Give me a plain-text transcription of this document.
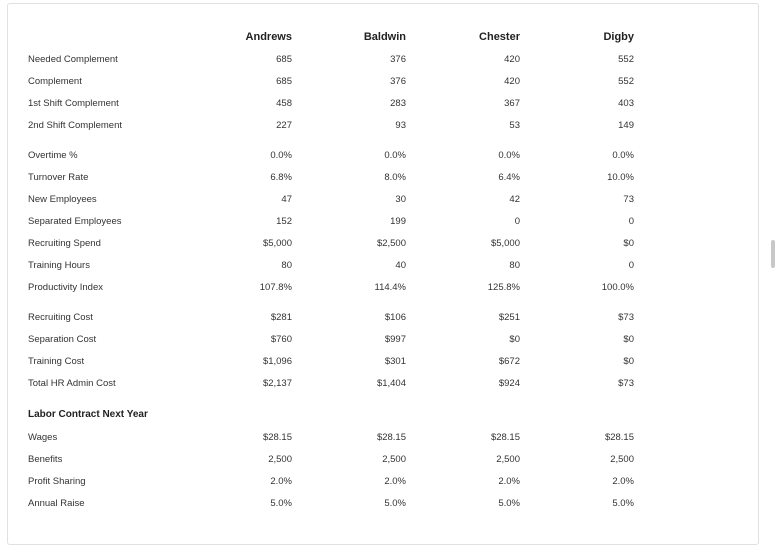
	Andrews	Baldwin	Chester	Digby
Needed Complement	685	376	420	552
Complement	685	376	420	552
1st Shift Complement	458	283	367	403
2nd Shift Complement	227	93	53	149

Overtime %	0.0%	0.0%	0.0%	0.0%
Turnover Rate	6.8%	8.0%	6.4%	10.0%
New Employees	47	30	42	73
Separated Employees	152	199	0	0
Recruiting Spend	$5,000	$2,500	$5,000	$0
Training Hours	80	40	80	0
Productivity Index	107.8%	114.4%	125.8%	100.0%

Recruiting Cost	$281	$106	$251	$73
Separation Cost	$760	$997	$0	$0
Training Cost	$1,096	$301	$672	$0
Total HR Admin Cost	$2,137	$1,404	$924	$73

Labor Contract Next Year				
Wages	$28.15	$28.15	$28.15	$28.15
Benefits	2,500	2,500	2,500	2,500
Profit Sharing	2.0%	2.0%	2.0%	2.0%
Annual Raise	5.0%	5.0%	5.0%	5.0%
